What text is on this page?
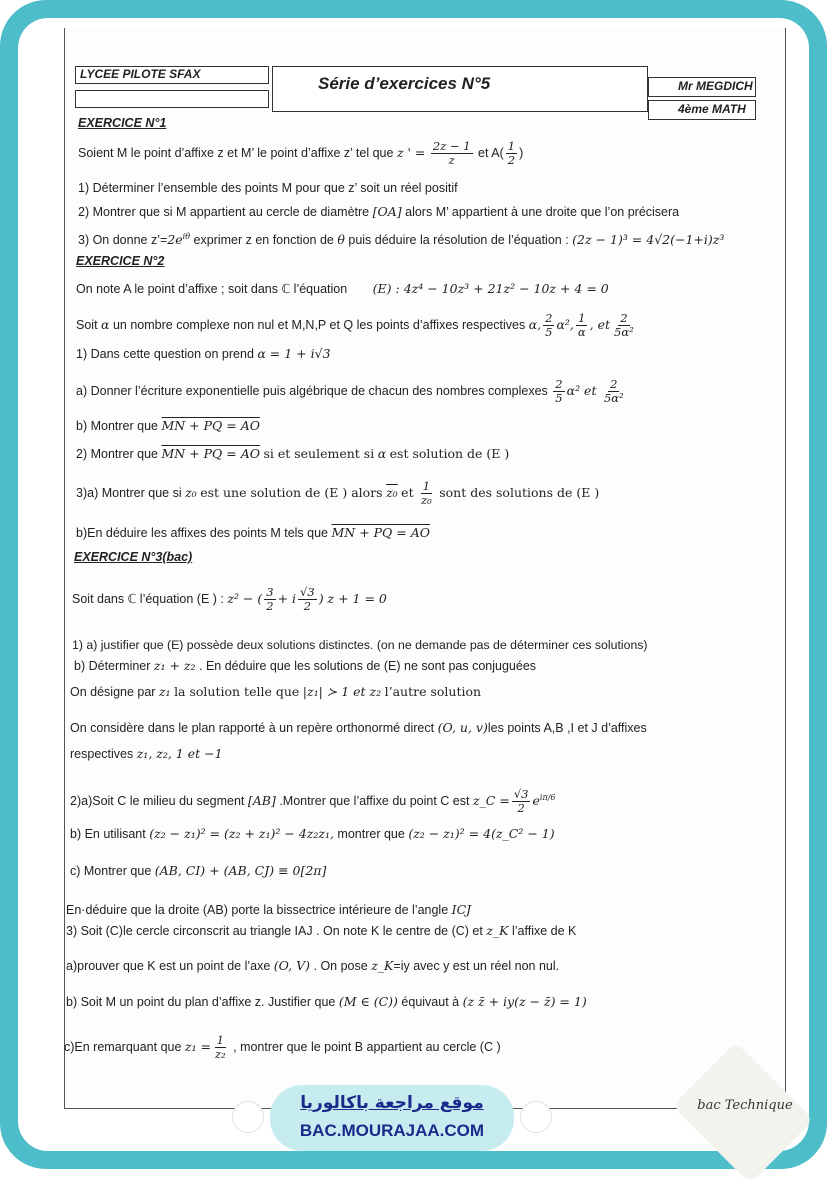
LYCEE PILOTE SFAX	Série d’exercices N°5	Mr MEGDICH
4ème MATH
EXERCICE N°1
Soient M le point d’affixe z et M’ le point d’affixe z’ tel que z ' = $\frac{2z - 1}{z}$ et $A( \frac{1}{2}$ )
1) Déterminer l’ensemble des points M pour que z’ soit un réel positif
2) Montrer que si M appartient au cercle de diamètre [OA] alors M’ appartient à une droite que l’on précisera
3) On donne $z’=2e^{i\theta}$ exprimer z en fonction de θ puis déduire la résolution de l’équation : (2z − 1)³ = 4√2(−1+i)z³
EXERCICE N°2
On note A le point d’affixe ; soit dans ℂ l’équation (E) : 4z⁴ − 10z³ + 21z² − 10z + 4 = 0
Soit α un nombre complexe non nul et M,N,P et Q les points d’affixes respectives α, $\frac{2}{5} \alpha^2$, $\frac{1}{\alpha}$ , et $\frac{2}{\text{5α²}}$
1) Dans cette question on prend α = 1 + i√3
a) Donner l’écriture exponentielle puis algébrique de chacun des nombres complexes $\frac{2}{5} \alpha^2$ et $\frac{2}{\text{5α²}}$
b) Montrer que MN + PQ = AO
2) Montrer que MN + PQ = AO si et seulement si α est solution de (E )
3)a) Montrer que si z₀ est une solution de (E ) alors z₀ et $\frac{1}{\text{z₀}}$ sont des solutions de (E )
b)En déduire les affixes des points M tels que MN + PQ = AO
EXERCICE N°3(bac)
Soit dans ℂ l’équation (E ) : z² − ( $\frac{3}{2} + i \frac{√3}{2}$ ) z + 1 = 0
1) a) justifier que (E) possède deux solutions distinctes. (on ne demande pas de déterminer ces solutions)
b) Déterminer z₁ + z₂ . En déduire que les solutions de (E) ne sont pas conjuguées
On désigne par z₁ la solution telle que |z₁| ≻ 1 et z₂ l’autre solution
On considère dans le plan rapporté à un repère orthonormé direct (O, u, v)les points A,B ,I et J d’affixes
respectives z₁, z₂, 1 et −1
2)a)Soit C le milieu du segment [AB] .Montrer que l’affixe du point C est z_C = $\frac{√3}{2} e^{i\pi/6}$
b) En utilisant (z₂ − z₁)² = (z₂ + z₁)² − 4z₂z₁, montrer que (z₂ − z₁)² = 4(z_C² − 1)
c) Montrer que (AB, CI) + (AB, CJ) ≡ 0[2π]
En·déduire que la droite (AB) porte la bissectrice intérieure de l’angle ICJ
3) Soit (C)le cercle circonscrit au triangle IAJ . On note K le centre de (C) et z_K l’affixe de K
a)prouver que K est un point de l’axe (O, V) . On pose z_K=iy avec y est un réel non nul.
b) Soit M un point du plan d’affixe z. Justifier que (M ∈ (C)) équivaut à (z z̄ + iy(z − z̄) = 1)
c)En remarquant que $z_1 = \frac{1}{\text{z₂}}$ , montrer que le point B appartient au cercle (C )
موقع مراجعة باكالوريا
BAC.MOURAJAA.COM
bac Technique
